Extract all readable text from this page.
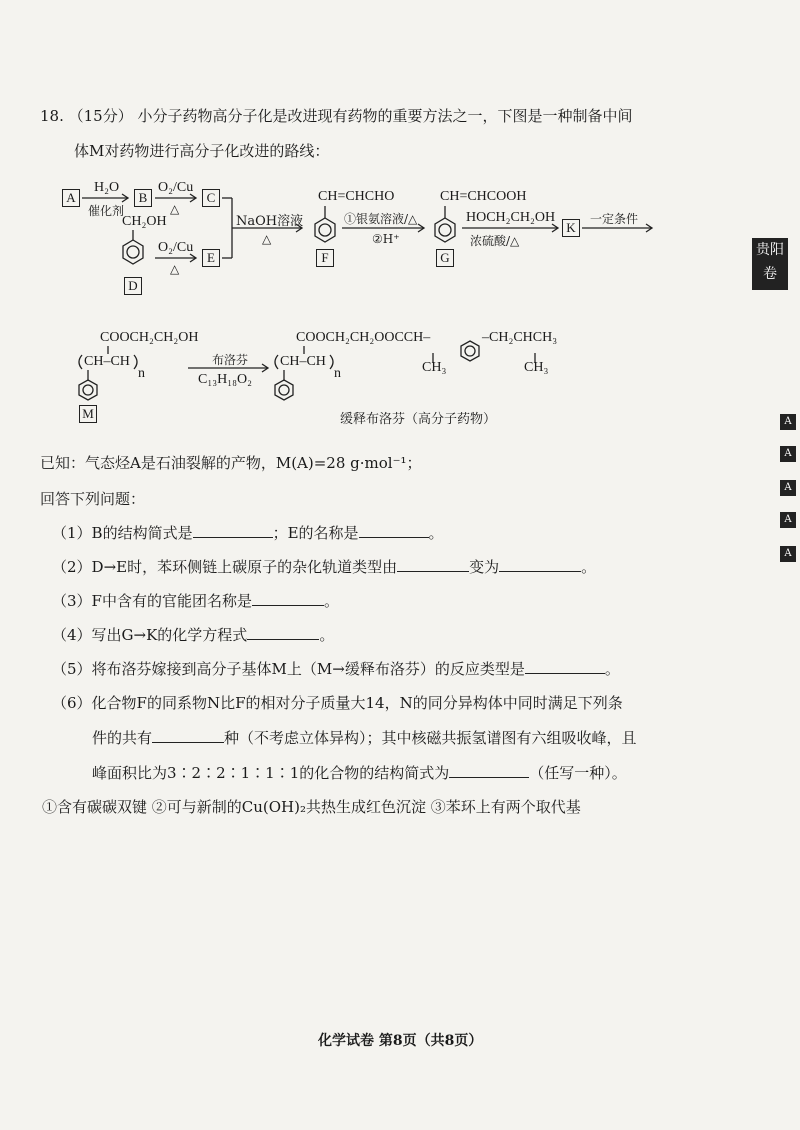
18. （15分） 小分子药物高分子化是改进现有药物的重要方法之一，下图是一种制备中间
体M对药物进行高分子化改进的路线：
A	B	C
D
E	F	G
K
M
H₂O
催化剂
O₂/Cu
△
O₂/Cu
△
CH₂OH	NaOH溶液
△
CH=CHCHO
①银氨溶液/△
②H⁺
CH=CHCOOH
HOCH₂CH₂OH
浓硫酸/△
一定条件
COOCH₂CH₂OH
CH–CH
n
布洛芬
C₁₃H₁₈O₂
COOCH₂CH₂OOCCH–	–CH₂CHCH₃
CH₃	CH₃
CH–CH
n
缓释布洛芬（高分子药物）
已知：气态烃A是石油裂解的产物，M(A)=28 g·mol⁻¹；
回答下列问题：
（1）B的结构简式是	；E的名称是	。
（2）D→E时，苯环侧链上碳原子的杂化轨道类型由	变为	。
（3）F中含有的官能团名称是	。
（4）写出G→K的化学方程式	。
（5）将布洛芬嫁接到高分子基体M上（M→缓释布洛芬）的反应类型是	。
（6）化合物F的同系物N比F的相对分子质量大14，N的同分异构体中同时满足下列条
件的共有	种（不考虑立体异构）；其中核磁共振氢谱图有六组吸收峰，且
峰面积比为3∶2∶2∶1∶1∶1的化合物的结构简式为	（任写一种）。
①含有碳碳双键 ②可与新制的Cu(OH)₂共热生成红色沉淀 ③苯环上有两个取代基
贵阳卷
A
A
A
A
A
化学试卷 第8页（共8页）
